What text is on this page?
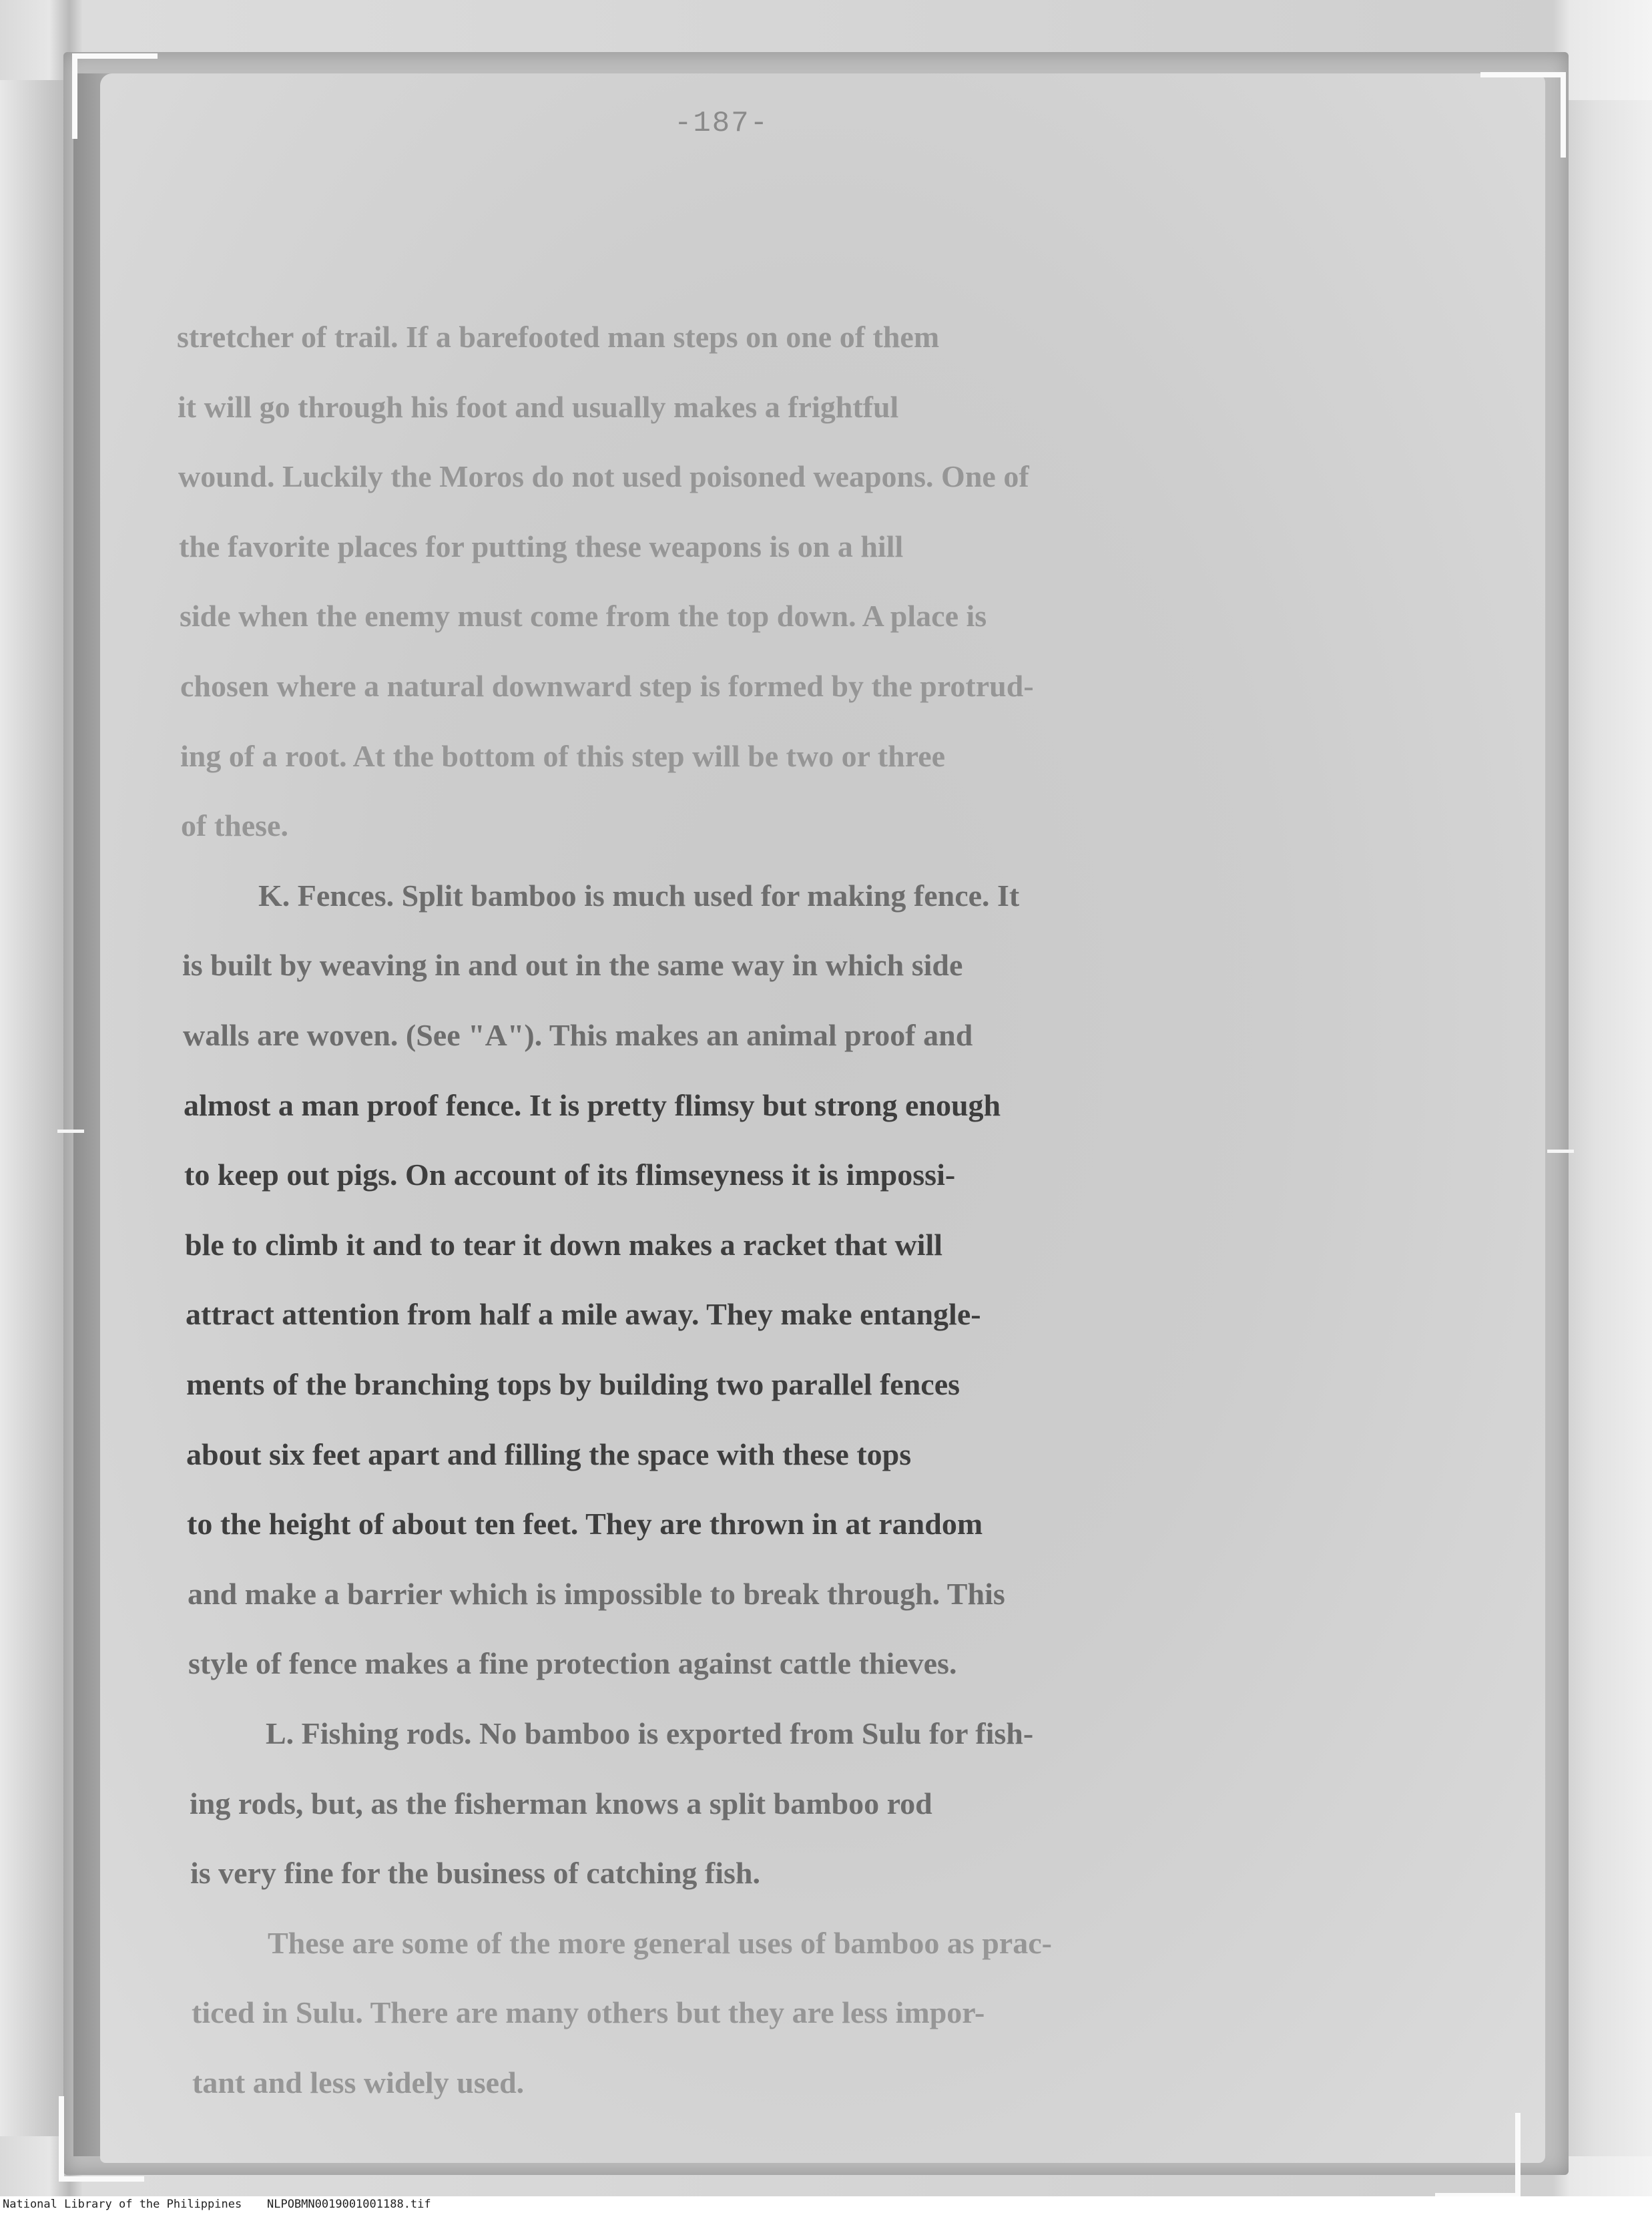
-187-
stretcher of trail. If a barefooted man steps on one of them
it will go through his foot and usually makes a frightful
wound. Luckily the Moros do not used poisoned weapons. One of
the favorite places for putting these weapons is on a hill
side when the enemy must come from the top down. A place is
chosen where a natural downward step is formed by the protrud-
ing of a root. At the bottom of this step will be two or three
of these.
K. Fences. Split bamboo is much used for making fence. It
is built by weaving in and out in the same way in which side
walls are woven. (See "A"). This makes an animal proof and
almost a man proof fence. It is pretty flimsy but strong enough
to keep out pigs. On account of its flimseyness it is impossi-
ble to climb it and to tear it down makes a racket that will
attract attention from half a mile away. They make entangle-
ments of the branching tops by building two parallel fences
about six feet apart and filling the space with these tops
to the height of about ten feet. They are thrown in at random
and make a barrier which is impossible to break through. This
style of fence makes a fine protection against cattle thieves.
L. Fishing rods. No bamboo is exported from Sulu for fish-
ing rods, but, as the fisherman knows a split bamboo rod
is very fine for the business of catching fish.
These are some of the more general uses of bamboo as prac-
ticed in Sulu. There are many others but they are less impor-
tant and less widely used.
National Library of the Philippines NLPOBMN0019001001188.tif
